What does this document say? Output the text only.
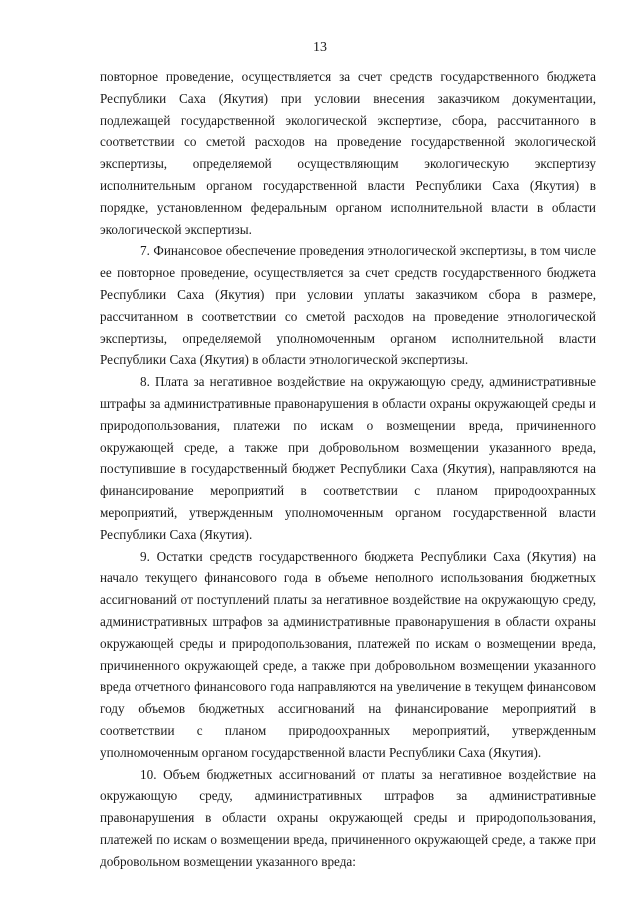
13

повторное проведение, осуществляется за счет средств государственного бюджета Республики Саха (Якутия) при условии внесения заказчиком документации, подлежащей государственной экологической экспертизе, сбора, рассчитанного в соответствии со сметой расходов на проведение государственной экологической экспертизы, определяемой осуществляющим экологическую экспертизу исполнительным органом государственной власти Республики Саха (Якутия) в порядке, установленном федеральным органом исполнительной власти в области экологической экспертизы.

7. Финансовое обеспечение проведения этнологической экспертизы, в том числе ее повторное проведение, осуществляется за счет средств государственного бюджета Республики Саха (Якутия) при условии уплаты заказчиком сбора в размере, рассчитанном в соответствии со сметой расходов на проведение этнологической экспертизы, определяемой уполномоченным органом исполнительной власти Республики Саха (Якутия) в области этнологической экспертизы.

8. Плата за негативное воздействие на окружающую среду, административные штрафы за административные правонарушения в области охраны окружающей среды и природопользования, платежи по искам о возмещении вреда, причиненного окружающей среде, а также при добровольном возмещении указанного вреда, поступившие в государственный бюджет Республики Саха (Якутия), направляются на финансирование мероприятий в соответствии с планом природоохранных мероприятий, утвержденным уполномоченным органом государственной власти Республики Саха (Якутия).

9. Остатки средств государственного бюджета Республики Саха (Якутия) на начало текущего финансового года в объеме неполного использования бюджетных ассигнований от поступлений платы за негативное воздействие на окружающую среду, административных штрафов за административные правонарушения в области охраны окружающей среды и природопользования, платежей по искам о возмещении вреда, причиненного окружающей среде, а также при добровольном возмещении указанного вреда отчетного финансового года направляются на увеличение в текущем финансовом году объемов бюджетных ассигнований на финансирование мероприятий в соответствии с планом природоохранных мероприятий, утвержденным уполномоченным органом государственной власти Республики Саха (Якутия).

10. Объем бюджетных ассигнований от платы за негативное воздействие на окружающую среду, административных штрафов за административные правонарушения в области охраны окружающей среды и природопользования, платежей по искам о возмещении вреда, причиненного окружающей среде, а также при добровольном возмещении указанного вреда:
